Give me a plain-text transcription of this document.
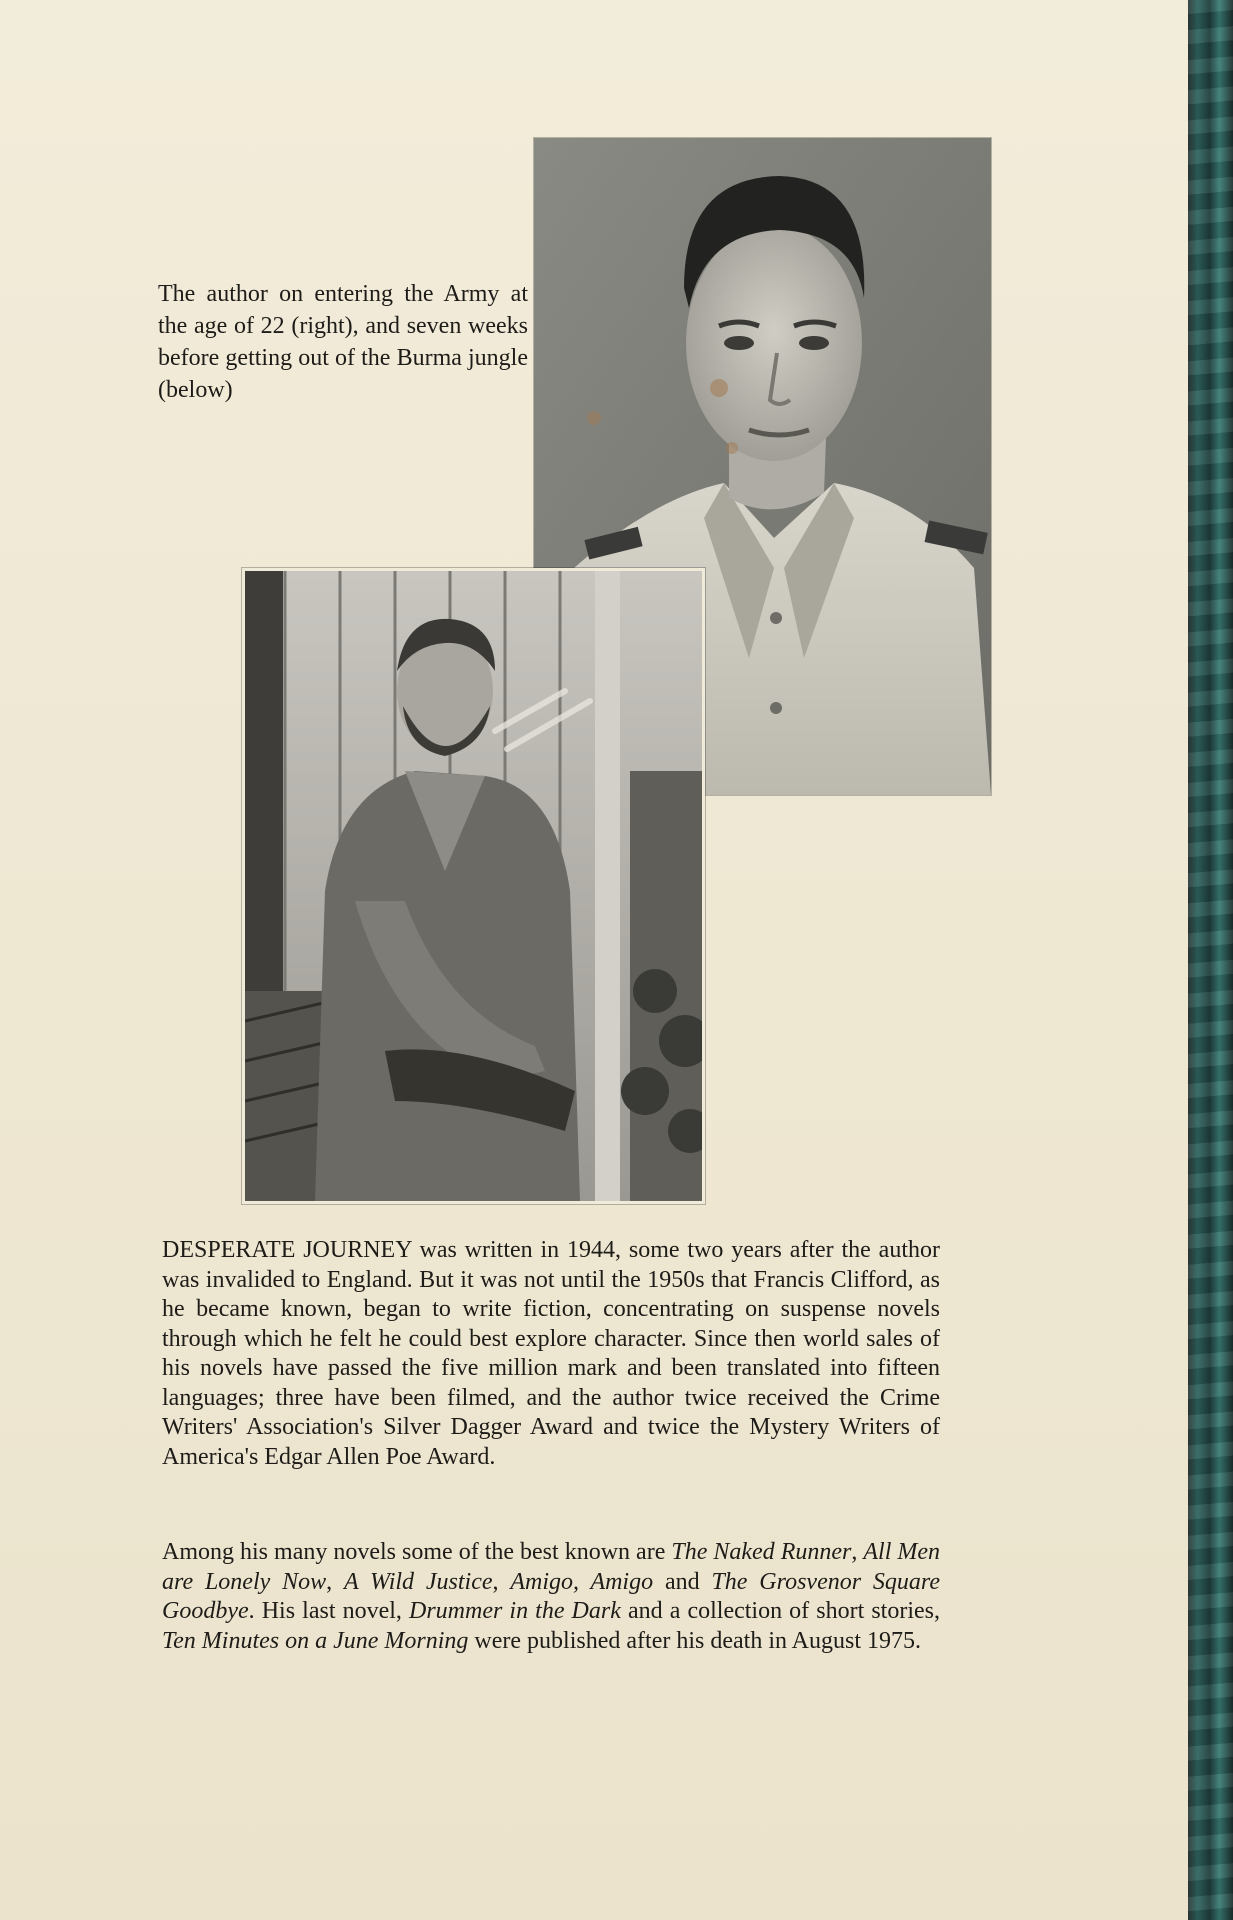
The author on entering the Army at the age of 22 (right), and seven weeks before getting out of the Burma jungle (below)

DESPERATE JOURNEY was written in 1944, some two years after the author was invalided to England. But it was not until the 1950s that Francis Clifford, as he became known, began to write fiction, concentrating on suspense novels through which he felt he could best explore character. Since then world sales of his novels have passed the five million mark and been translated into fifteen languages; three have been filmed, and the author twice received the Crime Writers' Association's Silver Dagger Award and twice the Mystery Writers of America's Edgar Allen Poe Award.

Among his many novels some of the best known are The Naked Runner, All Men are Lonely Now, A Wild Justice, Amigo, Amigo and The Grosvenor Square Goodbye. His last novel, Drummer in the Dark and a collection of short stories, Ten Minutes on a June Morning were published after his death in August 1975.
